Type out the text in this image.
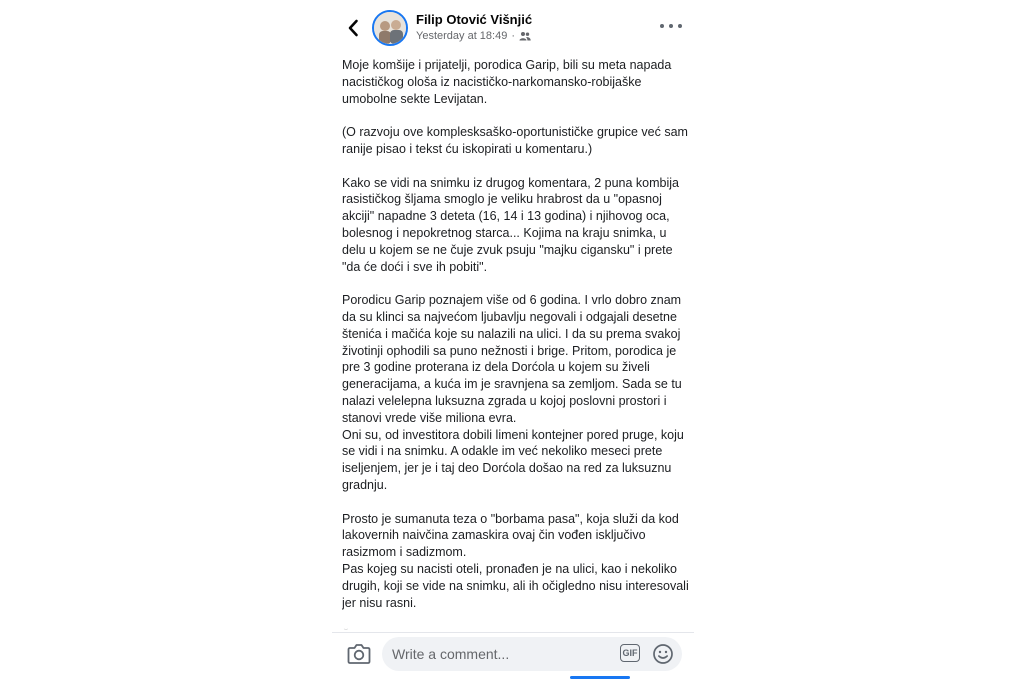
Filip Otović Višnjić
Yesterday at 18:49 ·

Moje komšije i prijatelji, porodica Garip, bili su meta napada nacističkog ološa iz nacističko-narkomansko-robijaške umobolne sekte Levijatan.

(O razvoju ove komplesksaško-oportunističke grupice već sam ranije pisao i tekst ću iskopirati u komentaru.)

Kako se vidi na snimku iz drugog komentara, 2 puna kombija rasističkog šljama smoglo je veliku hrabrost da u "opasnoj akciji" napadne 3 deteta (16, 14 i 13 godina) i njihovog oca, bolesnog i nepokretnog starca... Kojima na kraju snimka, u delu u kojem se ne čuje zvuk psuju "majku cigansku" i prete "da će doći i sve ih pobiti".

Porodicu Garip poznajem više od 6 godina. I vrlo dobro znam da su klinci sa najvećom ljubavlju negovali i odgajali desetne štenića i mačića koje su nalazili na ulici. I da su prema svakoj životinji ophodili sa puno nežnosti i brige. Pritom, porodica je pre 3 godine proterana iz dela Dorćola u kojem su živeli generacijama, a kuća im je sravnjena sa zemljom. Sada se tu nalazi velelepna luksuzna zgrada u kojoj poslovni prostori i stanovi vrede više miliona evra.
Oni su, od investitora dobili limeni kontejner pored pruge, koju se vidi i na snimku. A odakle im već nekoliko meseci prete iseljenjem, jer je i taj deo Dorćola došao na red za luksuznu gradnju.

Prosto je sumanuta teza o "borbama pasa", koja služi da kod lakovernih naivčina zamaskira ovaj čin vođen isključivo rasizmom i sadizmom.
Pas kojeg su nacisti oteli, pronađen je na ulici, kao i nekoliko drugih, koji se vide na snimku, ali ih očigledno nisu interesovali jer nisu rasni.

Write a comment...
GIF
